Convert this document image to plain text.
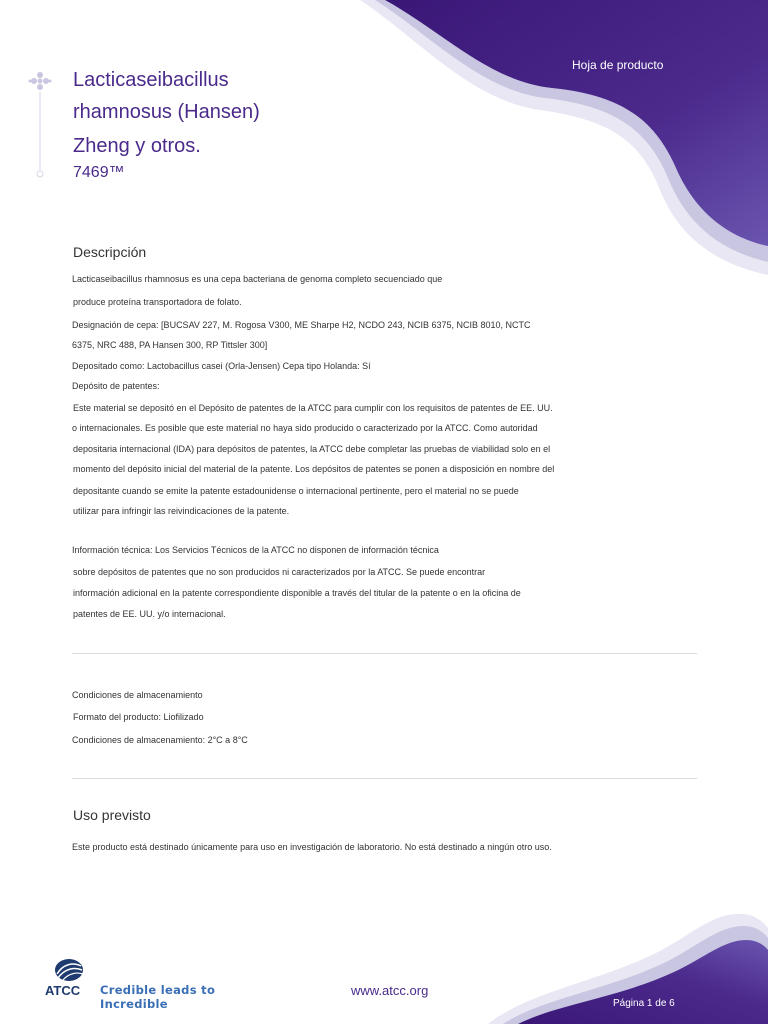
Hoja de producto
Lacticaseibacillus
rhamnosus (Hansen)
Zheng y otros.
7469™
Descripción
Lacticaseibacillus rhamnosus es una cepa bacteriana de genoma completo secuenciado que
produce proteína transportadora de folato.
Designación de cepa: [BUCSAV 227, M. Rogosa V300, ME Sharpe H2, NCDO 243, NCIB 6375, NCIB 8010, NCTC
6375, NRC 488, PA Hansen 300, RP Tittsler 300]
Depositado como: Lactobacillus casei (Orla-Jensen) Cepa tipo Holanda: Sí
Depósito de patentes:
Este material se depositó en el Depósito de patentes de la ATCC para cumplir con los requisitos de patentes de EE. UU.
o internacionales. Es posible que este material no haya sido producido o caracterizado por la ATCC. Como autoridad
depositaria internacional (IDA) para depósitos de patentes, la ATCC debe completar las pruebas de viabilidad solo en el
momento del depósito inicial del material de la patente. Los depósitos de patentes se ponen a disposición en nombre del
depositante cuando se emite la patente estadounidense o internacional pertinente, pero el material no se puede
utilizar para infringir las reivindicaciones de la patente.
Información técnica: Los Servicios Técnicos de la ATCC no disponen de información técnica
sobre depósitos de patentes que no son producidos ni caracterizados por la ATCC. Se puede encontrar
información adicional en la patente correspondiente disponible a través del titular de la patente o en la oficina de
patentes de EE. UU. y/o internacional.
Condiciones de almacenamiento
Formato del producto: Liofilizado
Condiciones de almacenamiento: 2°C a 8°C
Uso previsto
Este producto está destinado únicamente para uso en investigación de laboratorio. No está destinado a ningún otro uso.
ATCC Credible leads to Incredible
www.atcc.org
Página 1 de 6
